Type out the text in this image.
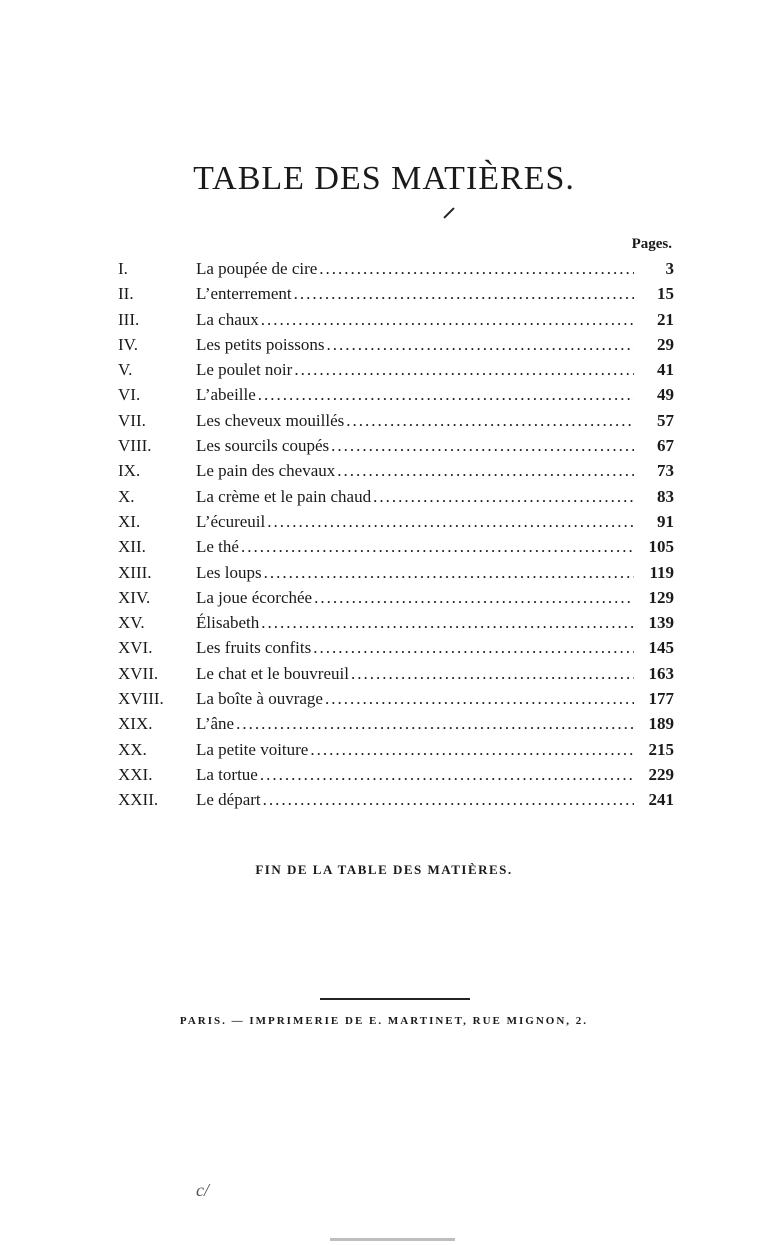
TABLE DES MATIÈRES.
Pages.
I.	La poupée de cire .....	3
II.	L’enterrement .....	15
III.	La chaux .....	21
IV.	Les petits poissons .....	29
V.	Le poulet noir .....	41
VI.	L’abeille .....	49
VII.	Les cheveux mouillés .....	57
VIII.	Les sourcils coupés .....	67
IX.	Le pain des chevaux .....	73
X.	La crème et le pain chaud .....	83
XI.	L’écureuil .....	91
XII.	Le thé .....	105
XIII.	Les loups .....	119
XIV.	La joue écorchée .....	129
XV.	Élisabeth .....	139
XVI.	Les fruits confits .....	145
XVII.	Le chat et le bouvreuil .....	163
XVIII.	La boîte à ouvrage .....	177
XIX.	L’âne .....	189
XX.	La petite voiture .....	215
XXI.	La tortue .....	229
XXII.	Le départ .....	241
FIN DE LA TABLE DES MATIÈRES.
PARIS. — IMPRIMERIE DE E. MARTINET, RUE MIGNON, 2.
c/
